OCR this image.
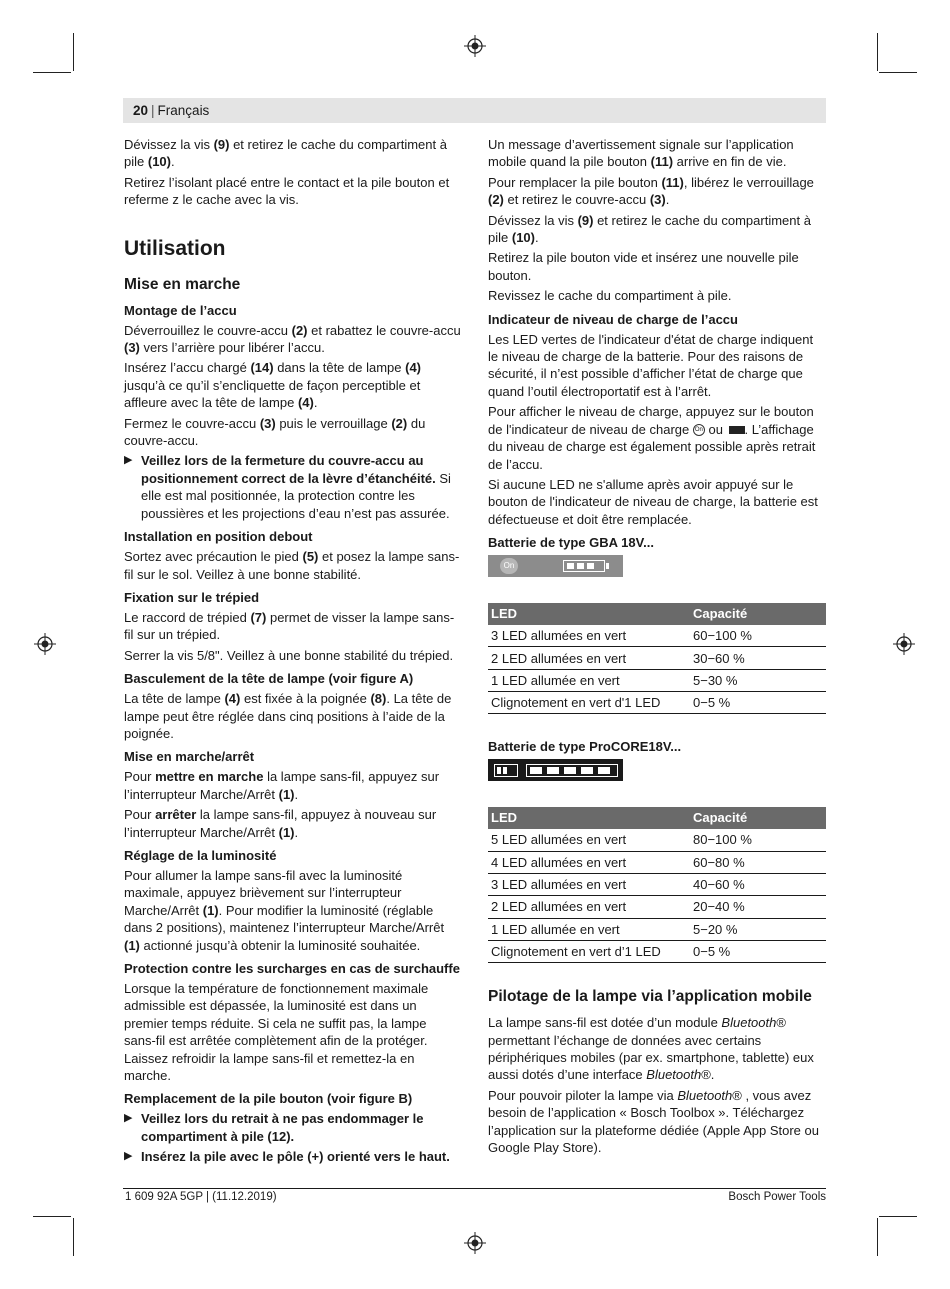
20 | Français

Dévissez la vis (9) et retirez le cache du compartiment à pile (10).

Retirez l’isolant placé entre le contact et la pile bouton et referme z le cache avec la vis.

Utilisation
Mise en marche
Montage de l’accu

Déverrouillez le couvre-accu (2) et rabattez le couvre-accu (3) vers l’arrière pour libérer l’accu.

Insérez l’accu chargé (14) dans la tête de lampe (4) jusqu’à ce qu’il s’encliquette de façon perceptible et affleure avec la tête de lampe (4).

Fermez le couvre-accu (3) puis le verrouillage (2) du couvre-accu.

▶ Veillez lors de la fermeture du couvre-accu au positionnement correct de la lèvre d’étanchéité. Si elle est mal positionnée, la protection contre les poussières et les projections d’eau n’est pas assurée.
Installation en position debout

Sortez avec précaution le pied (5) et posez la lampe sans-fil sur le sol. Veillez à une bonne stabilité.

Fixation sur le trépied

Le raccord de trépied (7) permet de visser la lampe sans-fil sur un trépied.

Serrer la vis 5/8". Veillez à une bonne stabilité du trépied.

Basculement de la tête de lampe (voir figure A)

La tête de lampe (4) est fixée à la poignée (8). La tête de lampe peut être réglée dans cinq positions à l’aide de la poignée.

Mise en marche/arrêt

Pour mettre en marche la lampe sans-fil, appuyez sur l’interrupteur Marche/Arrêt (1).

Pour arrêter la lampe sans-fil, appuyez à nouveau sur l’interrupteur Marche/Arrêt (1).

Réglage de la luminosité

Pour allumer la lampe sans-fil avec la luminosité maximale, appuyez brièvement sur l’interrupteur Marche/Arrêt (1). Pour modifier la luminosité (réglable dans 2 positions), maintenez l’interrupteur Marche/Arrêt (1) actionné jusqu’à obtenir la luminosité souhaitée.

Protection contre les surcharges en cas de surchauffe

Lorsque la température de fonctionnement maximale admissible est dépassée, la luminosité est dans un premier temps réduite. Si cela ne suffit pas, la lampe sans-fil est arrêtée complètement afin de la protéger. Laissez refroidir la lampe sans-fil et remettez-la en marche.

Remplacement de la pile bouton (voir figure B)
▶ Veillez lors du retrait à ne pas endommager le compartiment à pile (12).
▶ Insérez la pile avec le pôle (+) orienté vers le haut.

Un message d’avertissement signale sur l’application mobile quand la pile bouton (11) arrive en fin de vie.

Pour remplacer la pile bouton (11), libérez le verrouillage (2) et retirez le couvre-accu (3).

Dévissez la vis (9) et retirez le cache du compartiment à pile (10).

Retirez la pile bouton vide et insérez une nouvelle pile bouton.

Revissez le cache du compartiment à pile.

Indicateur de niveau de charge de l’accu

Les LED vertes de l'indicateur d'état de charge indiquent le niveau de charge de la batterie. Pour des raisons de sécurité, il n’est possible d’afficher l’état de charge que quand l’outil électroportatif est à l’arrêt.

Pour afficher le niveau de charge, appuyez sur le bouton de l'indicateur de niveau de charge On ou . L’affichage du niveau de charge est également possible après retrait de l’accu.

Si aucune LED ne s'allume après avoir appuyé sur le bouton de l'indicateur de niveau de charge, la batterie est défectueuse et doit être remplacée.

Batterie de type GBA 18V...
On
LED	Capacité
3 LED allumées en vert	60−100 %
2 LED allumées en vert	30−60 %
1 LED allumée en vert	5−30 %
Clignotement en vert d'1 LED	0−5 %
Batterie de type ProCORE18V...
LED	Capacité
5 LED allumées en vert	80−100 %
4 LED allumées en vert	60−80 %
3 LED allumées en vert	40−60 %
2 LED allumées en vert	20−40 %
1 LED allumée en vert	5−20 %
Clignotement en vert d’1 LED	0−5 %
Pilotage de la lampe via l’application mobile

La lampe sans-fil est dotée d’un module Bluetooth® permettant l’échange de données avec certains périphériques mobiles (par ex. smartphone, tablette) eux aussi dotés d’une interface Bluetooth®.

Pour pouvoir piloter la lampe via Bluetooth® , vous avez besoin de l’application « Bosch Toolbox ». Téléchargez l’application sur la plateforme dédiée (Apple App Store ou Google Play Store).

1 609 92A 5GP | (11.12.2019)	Bosch Power Tools
